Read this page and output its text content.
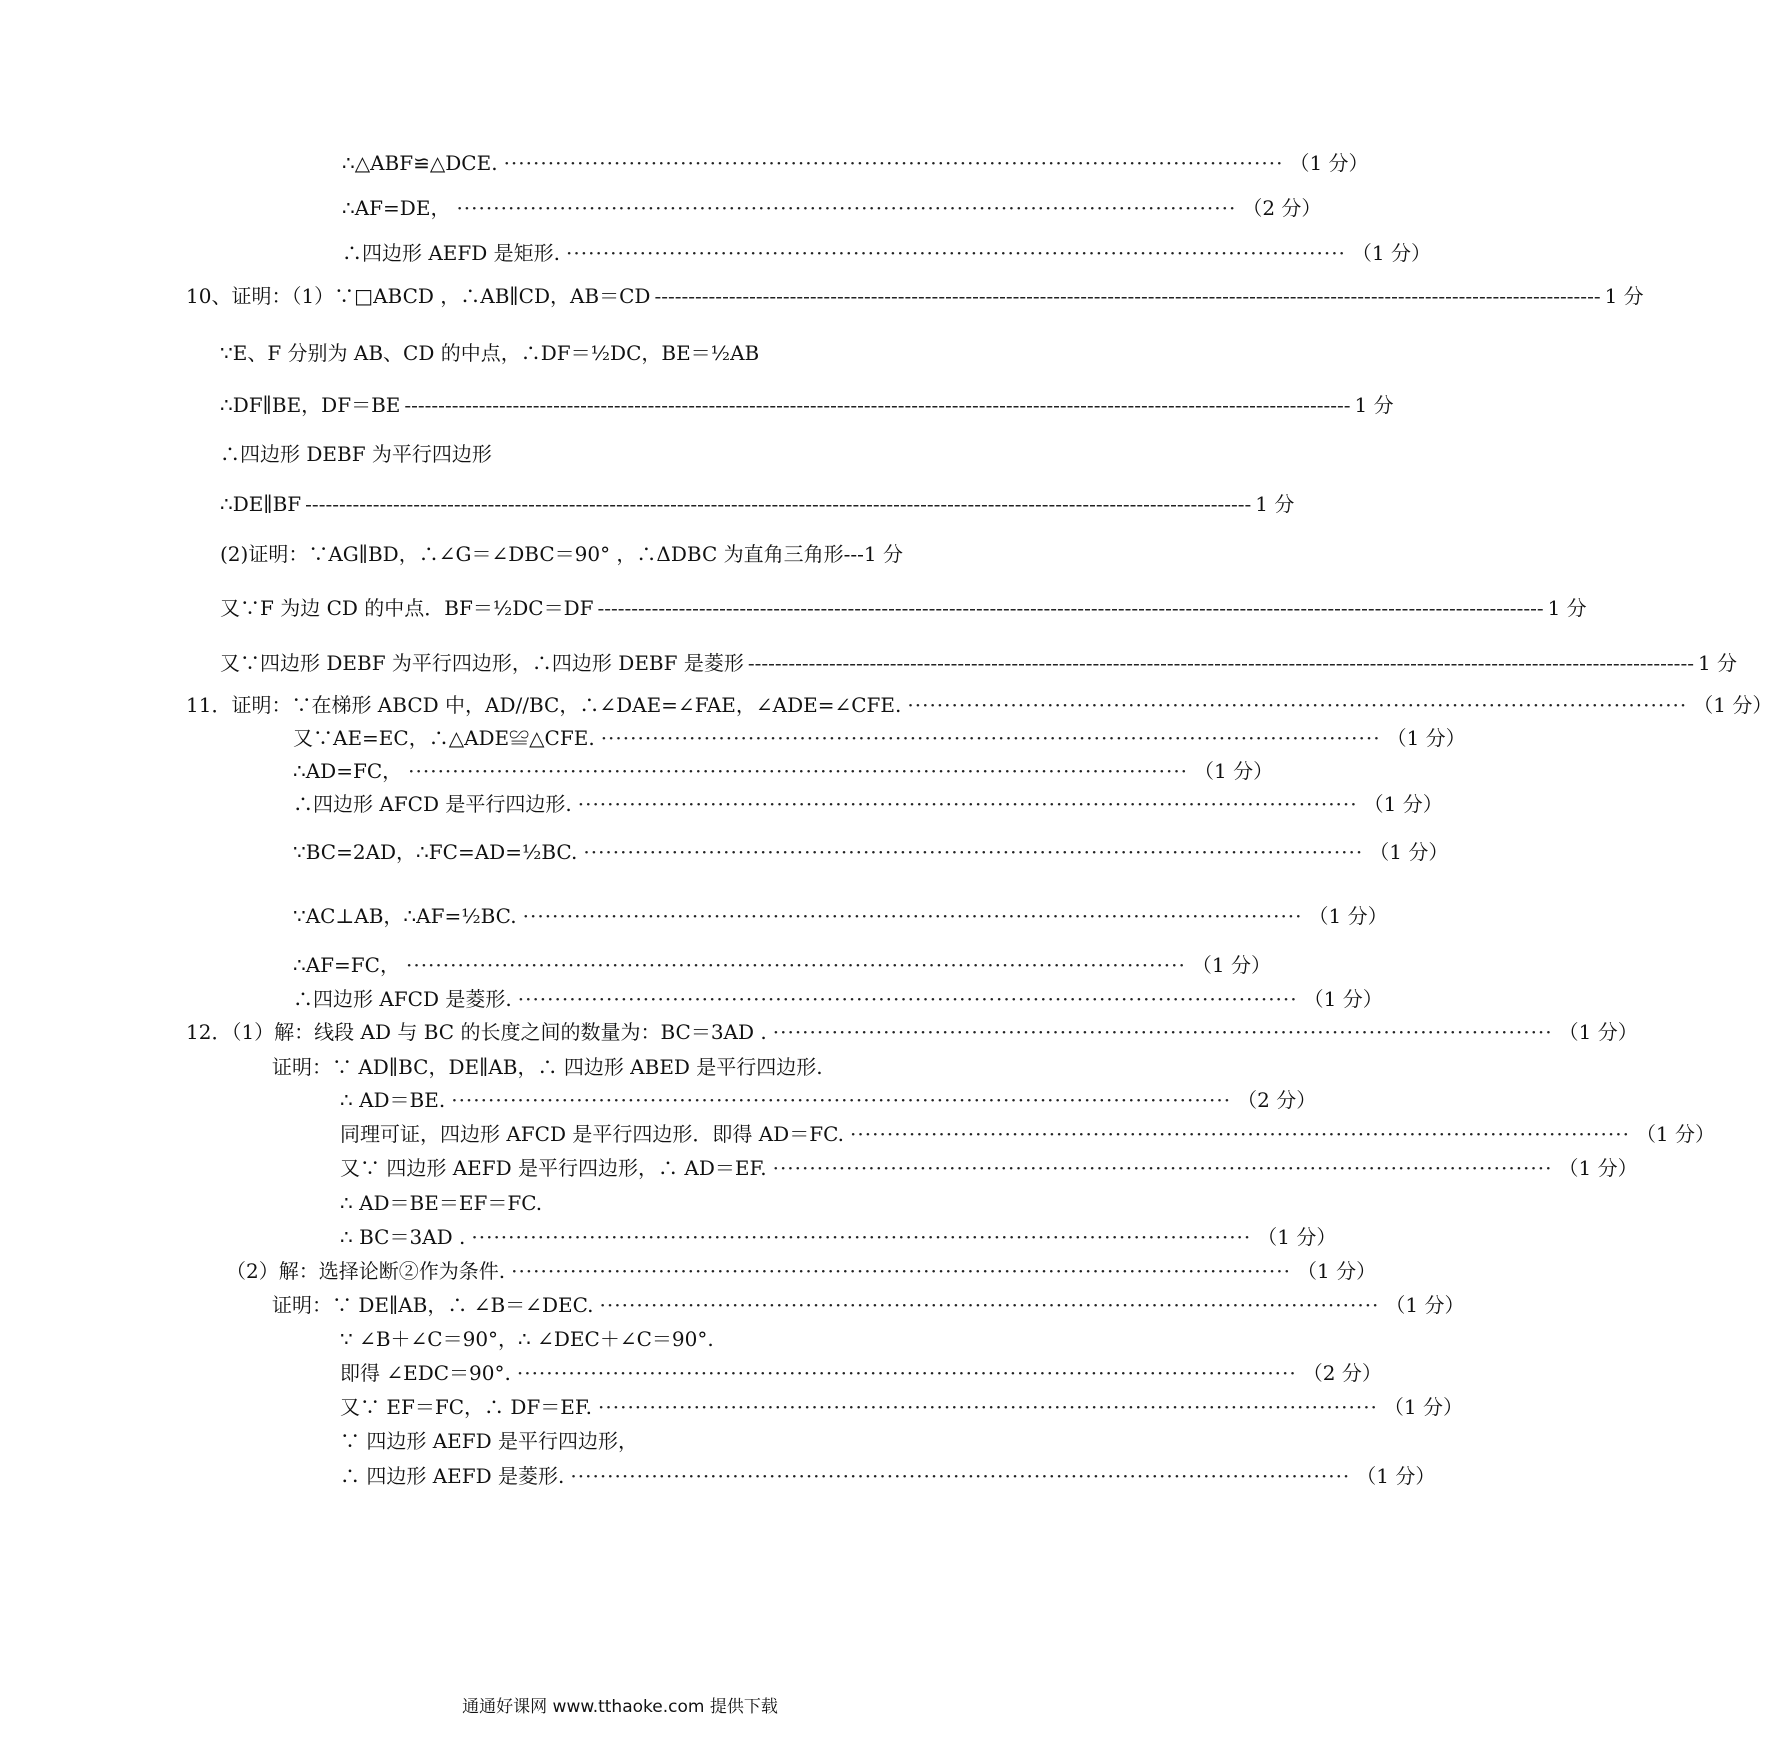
∴△ABF≌△DCE. ·········································································································· （1 分）
∴AF=DE， ·········································································································· （2 分）
∴四边形 AEFD 是矩形. ·········································································································· （1 分）
10、证明：（1）∵□ABCD ，∴AB∥CD，AB＝CD -------------------------------------------------------------------------------------------------------------------------------------------- 1 分
∵E、F 分别为 AB、CD 的中点，∴DF＝½DC，BE＝½AB
∴DF∥BE，DF＝BE -------------------------------------------------------------------------------------------------------------------------------------------- 1 分
∴四边形 DEBF 为平行四边形
∴DE∥BF -------------------------------------------------------------------------------------------------------------------------------------------- 1 分
(2)证明：∵AG∥BD，∴∠G＝∠DBC＝90° ，∴ΔDBC 为直角三角形---1 分
又∵F 为边 CD 的中点．BF＝½DC＝DF -------------------------------------------------------------------------------------------------------------------------------------------- 1 分
又∵四边形 DEBF 为平行四边形，∴四边形 DEBF 是菱形 -------------------------------------------------------------------------------------------------------------------------------------------- 1 分
11．证明：∵在梯形 ABCD 中，AD//BC，∴∠DAE=∠FAE，∠ADE=∠CFE. ·········································································································· （1 分）
又∵AE=EC，∴△ADE≌△CFE. ·········································································································· （1 分）
∴AD=FC， ·········································································································· （1 分）
∴四边形 AFCD 是平行四边形. ·········································································································· （1 分）
∵BC=2AD，∴FC=AD=½BC. ·········································································································· （1 分）
∵AC⊥AB，∴AF=½BC. ·········································································································· （1 分）
∴AF=FC， ·········································································································· （1 分）
∴四边形 AFCD 是菱形. ·········································································································· （1 分）
12．（1）解：线段 AD 与 BC 的长度之间的数量为：BC＝3AD . ·········································································································· （1 分）
证明：∵ AD∥BC，DE∥AB，∴ 四边形 ABED 是平行四边形.
∴ AD＝BE. ·········································································································· （2 分）
同理可证，四边形 AFCD 是平行四边形．即得 AD＝FC. ·········································································································· （1 分）
又∵ 四边形 AEFD 是平行四边形，∴ AD＝EF. ·········································································································· （1 分）
∴ AD＝BE＝EF＝FC.
∴ BC＝3AD . ·········································································································· （1 分）
（2）解：选择论断②作为条件. ·········································································································· （1 分）
证明：∵ DE∥AB，∴ ∠B＝∠DEC. ·········································································································· （1 分）
∵ ∠B＋∠C＝90°，∴ ∠DEC＋∠C＝90°.
即得 ∠EDC＝90°. ·········································································································· （2 分）
又∵ EF＝FC，∴ DF＝EF. ·········································································································· （1 分）
∵ 四边形 AEFD 是平行四边形，
∴ 四边形 AEFD 是菱形. ·········································································································· （1 分）
通通好课网 www.tthaoke.com 提供下载
